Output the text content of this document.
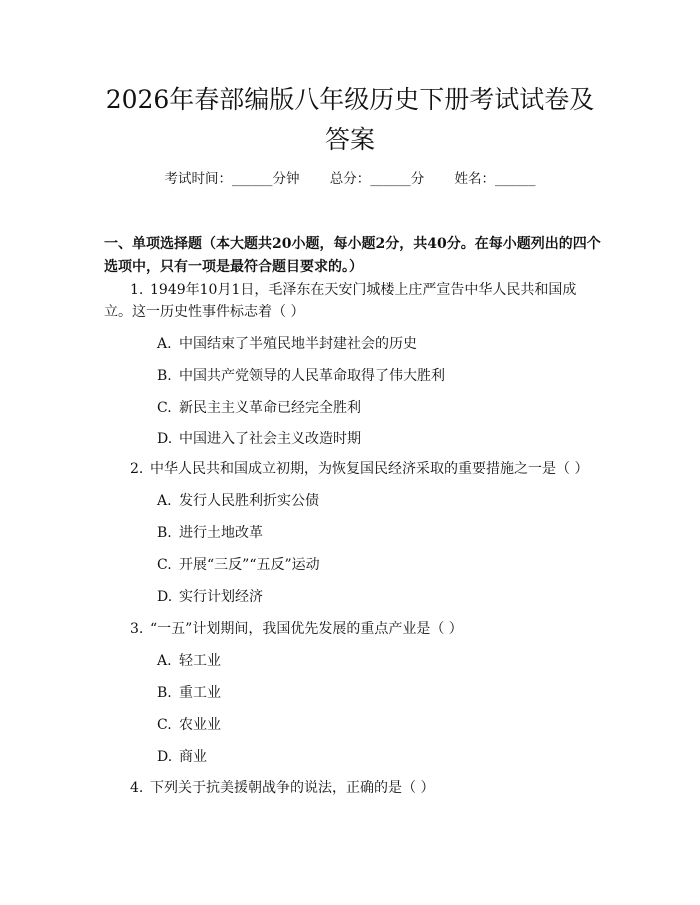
2026年春部编版八年级历史下册考试试卷及答案
考试时间：______分钟 总分：______分 姓名：______
一、单项选择题（本大题共20小题，每小题2分，共40分。在每小题列出的四个选项中，只有一项是最符合题目要求的。）
1. 1949年10月1日，毛泽东在天安门城楼上庄严宣告中华人民共和国成立。这一历史性事件标志着（ ）
A. 中国结束了半殖民地半封建社会的历史
B. 中国共产党领导的人民革命取得了伟大胜利
C. 新民主主义革命已经完全胜利
D. 中国进入了社会主义改造时期
2. 中华人民共和国成立初期，为恢复国民经济采取的重要措施之一是（ ）
A. 发行人民胜利折实公债
B. 进行土地改革
C. 开展“三反”“五反”运动
D. 实行计划经济
3. “一五”计划期间，我国优先发展的重点产业是（ ）
A. 轻工业
B. 重工业
C. 农业业
D. 商业
4. 下列关于抗美援朝战争的说法，正确的是（ ）
